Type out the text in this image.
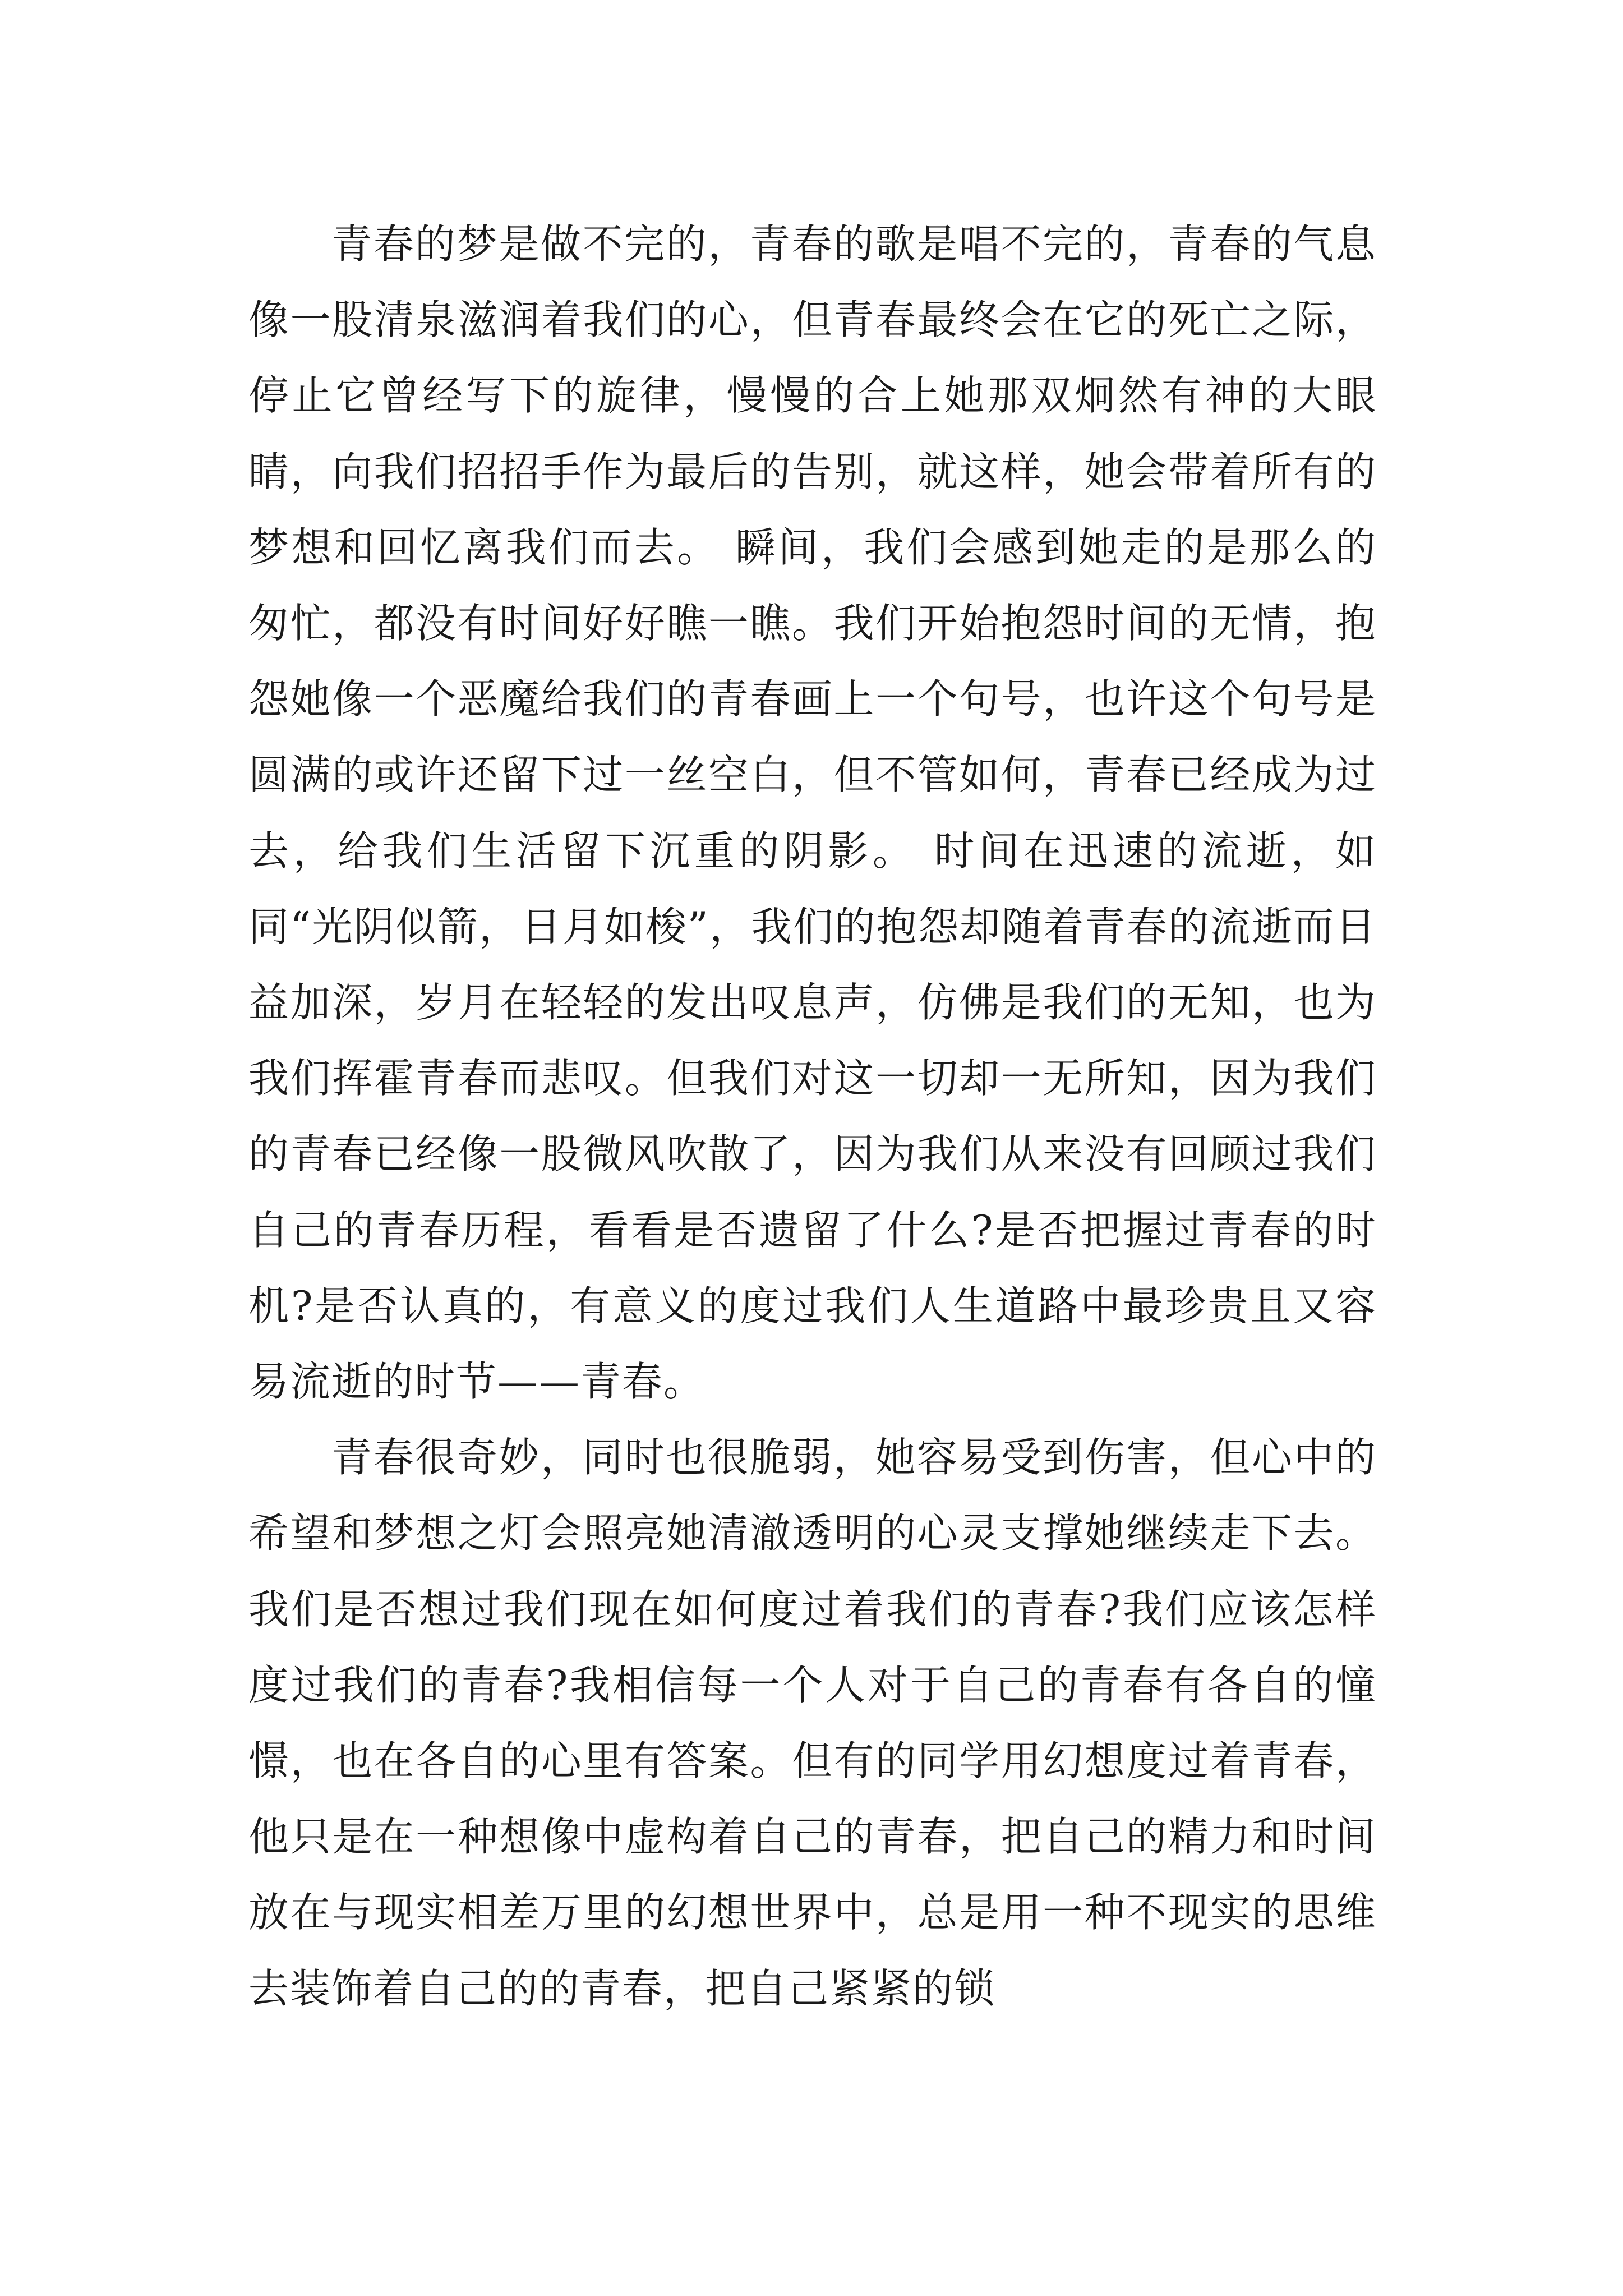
青春的梦是做不完的，青春的歌是唱不完的，青春的气息像一股清泉滋润着我们的心，但青春最终会在它的死亡之际，停止它曾经写下的旋律，慢慢的合上她那双炯然有神的大眼睛，向我们招招手作为最后的告别，就这样，她会带着所有的梦想和回忆离我们而去。 瞬间，我们会感到她走的是那么的匆忙，都没有时间好好瞧一瞧。我们开始抱怨时间的无情，抱怨她像一个恶魔给我们的青春画上一个句号，也许这个句号是圆满的或许还留下过一丝空白，但不管如何，青春已经成为过去，给我们生活留下沉重的阴影。 时间在迅速的流逝，如同“光阴似箭，日月如梭”，我们的抱怨却随着青春的流逝而日益加深，岁月在轻轻的发出叹息声，仿佛是我们的无知，也为我们挥霍青春而悲叹。但我们对这一切却一无所知，因为我们的青春已经像一股微风吹散了，因为我们从来没有回顾过我们自己的青春历程，看看是否遗留了什么?是否把握过青春的时机?是否认真的，有意义的度过我们人生道路中最珍贵且又容易流逝的时节——青春。

青春很奇妙，同时也很脆弱，她容易受到伤害，但心中的希望和梦想之灯会照亮她清澈透明的心灵支撑她继续走下去。 我们是否想过我们现在如何度过着我们的青春?我们应该怎样度过我们的青春?我相信每一个人对于自己的青春有各自的憧憬，也在各自的心里有答案。但有的同学用幻想度过着青春，他只是在一种想像中虚构着自己的青春，把自己的精力和时间放在与现实相差万里的幻想世界中，总是用一种不现实的思维去装饰着自己的的青春，把自己紧紧的锁
